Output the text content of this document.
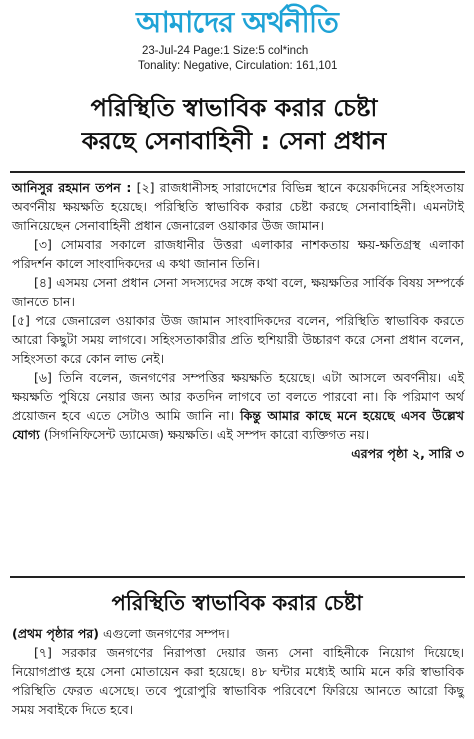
আমাদের অর্থনীতি
23-Jul-24 Page:1 Size:5 col*inch
Tonality: Negative, Circulation: 161,101
পরিস্থিতি স্বাভাবিক করার চেষ্টা
করছে সেনাবাহিনী : সেনা প্রধান

আনিসুর রহমান তপন : [২] রাজধানীসহ সারাদেশের বিভিন্ন স্থানে কয়েকদিনের সহিংসতায় অবর্ণনীয় ক্ষয়ক্ষতি হয়েছে। পরিস্থিতি স্বাভাবিক করার চেষ্টা করছে সেনাবাহিনী। এমনটাই জানিয়েছেন সেনাবাহিনী প্রধান জেনারেল ওয়াকার উজ জামান।

[৩] সোমবার সকালে রাজধানীর উত্তরা এলাকার নাশকতায় ক্ষয়-ক্ষতিগ্রস্থ এলাকা পরিদর্শন কালে সাংবাদিকদের এ কথা জানান তিনি।

[৪] এসময় সেনা প্রধান সেনা সদস্যদের সঙ্গে কথা বলে, ক্ষয়ক্ষতির সার্বিক বিষয় সম্পর্কে জানতে চান।

[৫] পরে জেনারেল ওয়াকার উজ জামান সাংবাদিকদের বলেন, পরিস্থিতি স্বাভাবিক করতে আরো কিছুটা সময় লাগবে। সহিংসতাকারীর প্রতি হুশিয়ারী উচ্চারণ করে সেনা প্রধান বলেন, সহিংসতা করে কোন লাভ নেই।

[৬] তিনি বলেন, জনগণের সম্পত্তির ক্ষয়ক্ষতি হয়েছে। এটা আসলে অবর্ণনীয়। এই ক্ষয়ক্ষতি পুষিয়ে নেয়ার জন্য আর কতদিন লাগবে তা বলতে পারবো না। কি পরিমাণ অর্থ প্রয়োজন হবে এতে সেটাও আমি জানি না। কিন্তু আমার কাছে মনে হয়েছে এসব উল্লেখ যোগ্য (সিগনিফিসেন্ট ড্যামেজ) ক্ষয়ক্ষতি। এই সম্পদ কারো ব্যক্তিগত নয়।
এরপর পৃষ্ঠা ২, সারি ৩

পরিস্থিতি স্বাভাবিক করার চেষ্টা

(প্রথম পৃষ্ঠার পর) এগুলো জনগণের সম্পদ।

[৭] সরকার জনগণের নিরাপত্তা দেয়ার জন্য সেনা বাহিনীকে নিয়োগ দিয়েছে। নিয়োগপ্রাপ্ত হয়ে সেনা মোতায়েন করা হয়েছে। ৪৮ ঘন্টার মধ্যেই আমি মনে করি স্বাভাবিক পরিস্থিতি ফেরত এসেছে। তবে পুরোপুরি স্বাভাবিক পরিবেশে ফিরিয়ে আনতে আরো কিছু সময় সবাইকে দিতে হবে।
